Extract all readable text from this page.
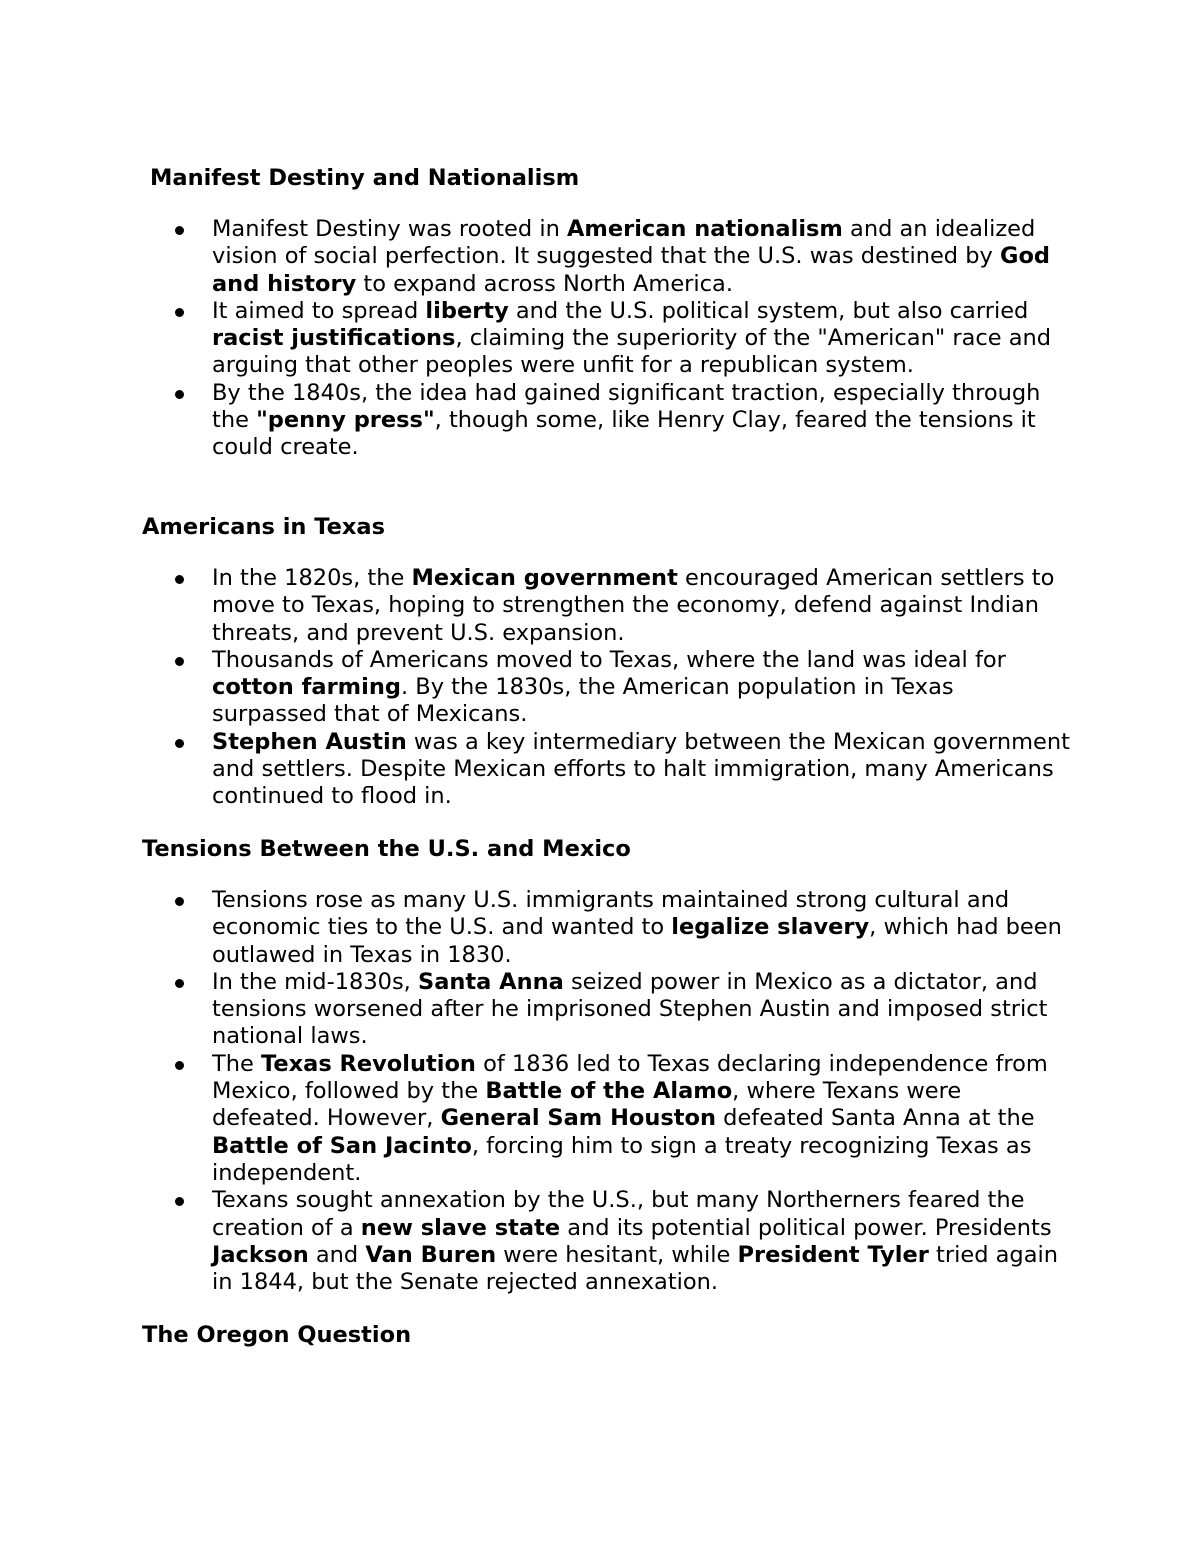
Manifest Destiny and Nationalism
Manifest Destiny was rooted in American nationalism and an idealized vision of social perfection. It suggested that the U.S. was destined by God and history to expand across North America.
It aimed to spread liberty and the U.S. political system, but also carried racist justifications, claiming the superiority of the "American" race and arguing that other peoples were unfit for a republican system.
By the 1840s, the idea had gained significant traction, especially through the "penny press", though some, like Henry Clay, feared the tensions it could create.
Americans in Texas
In the 1820s, the Mexican government encouraged American settlers to move to Texas, hoping to strengthen the economy, defend against Indian threats, and prevent U.S. expansion.
Thousands of Americans moved to Texas, where the land was ideal for cotton farming. By the 1830s, the American population in Texas surpassed that of Mexicans.
Stephen Austin was a key intermediary between the Mexican government and settlers. Despite Mexican efforts to halt immigration, many Americans continued to flood in.
Tensions Between the U.S. and Mexico
Tensions rose as many U.S. immigrants maintained strong cultural and economic ties to the U.S. and wanted to legalize slavery, which had been outlawed in Texas in 1830.
In the mid-1830s, Santa Anna seized power in Mexico as a dictator, and tensions worsened after he imprisoned Stephen Austin and imposed strict national laws.
The Texas Revolution of 1836 led to Texas declaring independence from Mexico, followed by the Battle of the Alamo, where Texans were defeated. However, General Sam Houston defeated Santa Anna at the Battle of San Jacinto, forcing him to sign a treaty recognizing Texas as independent.
Texans sought annexation by the U.S., but many Northerners feared the creation of a new slave state and its potential political power. Presidents Jackson and Van Buren were hesitant, while President Tyler tried again in 1844, but the Senate rejected annexation.
The Oregon Question
